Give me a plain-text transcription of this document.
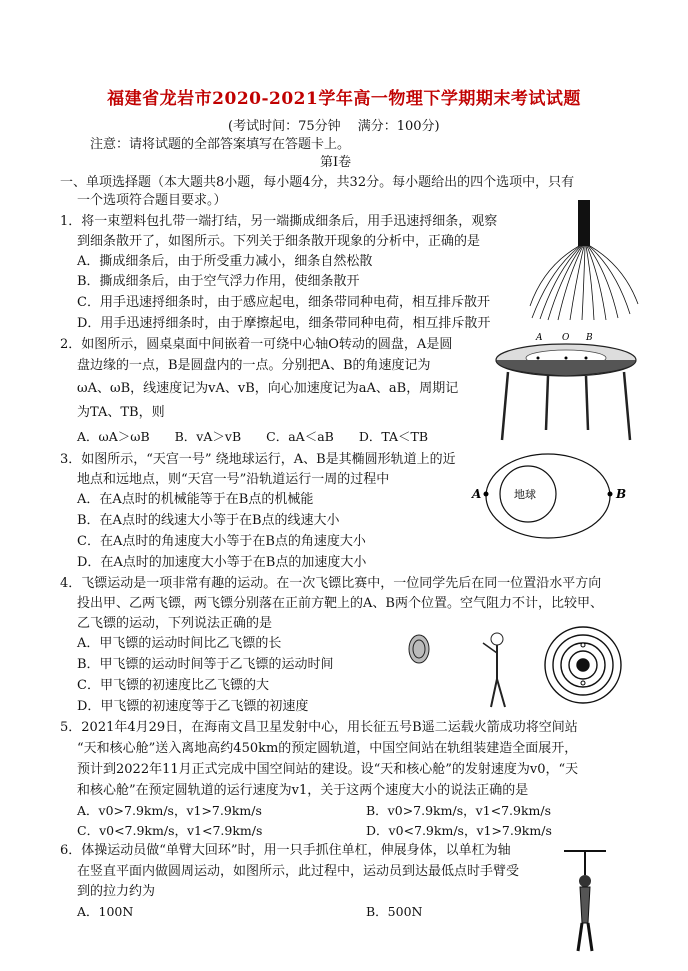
福建省龙岩市2020-2021学年高一物理下学期期末考试试题
(考试时间：75分钟　 满分：100分)
注意：请将试题的全部答案填写在答题卡上。
第Ⅰ卷
一、单项选择题（本大题共8小题，每小题4分，共32分。每小题给出的四个选项中，只有
一个选项符合题目要求。）
1．将一束塑料包扎带一端打结，另一端撕成细条后，用手迅速捋细条，观察
到细条散开了，如图所示。下列关于细条散开现象的分析中，正确的是
A．撕成细条后，由于所受重力减小，细条自然松散
B．撕成细条后，由于空气浮力作用，使细条散开
C．用手迅速捋细条时，由于感应起电，细条带同种电荷，相互排斥散开
D．用手迅速捋细条时，由于摩擦起电，细条带同种电荷，相互排斥散开
2．如图所示，圆桌桌面中间嵌着一可绕中心轴O转动的圆盘，A是圆
盘边缘的一点，B是圆盘内的一点。分别把A、B的角速度记为
ωA、ωB，线速度记为vA、vB，向心加速度记为aA、aB，周期记
为TA、TB，则
A．ωA＞ωB　　B．vA＞vB　　C．aA＜aB　　D．TA＜TB
A O B
3．如图所示，“天宫一号” 绕地球运行，A、B是其椭圆形轨道上的近
地点和远地点，则“天宫一号”沿轨道运行一周的过程中
A．在A点时的机械能等于在B点的机械能
B．在A点时的线速大小等于在B点的线速大小
C．在A点时的角速度大小等于在B点的角速度大小
D．在A点时的加速度大小等于在B点的加速度大小
地球
A	B
4．飞镖运动是一项非常有趣的运动。在一次飞镖比赛中，一位同学先后在同一位置沿水平方向
投出甲、乙两飞镖，两飞镖分别落在正前方靶上的A、B两个位置。空气阻力不计，比较甲、
乙飞镖的运动，下列说法正确的是
A．甲飞镖的运动时间比乙飞镖的长
B．甲飞镖的运动时间等于乙飞镖的运动时间
C．甲飞镖的初速度比乙飞镖的大
D．甲飞镖的初速度等于乙飞镖的初速度
5．2021年4月29日，在海南文昌卫星发射中心，用长征五号B遥二运载火箭成功将空间站
“天和核心舱”送入离地高约450km的预定圆轨道，中国空间站在轨组装建造全面展开，
预计到2022年11月正式完成中国空间站的建设。设“天和核心舱”的发射速度为v0，“天
和核心舱”在预定圆轨道的运行速度为v1，关于这两个速度大小的说法正确的是
A．v0>7.9km/s，v1>7.9km/s	B．v0>7.9km/s，v1<7.9km/s
C．v0<7.9km/s，v1<7.9km/s	D．v0<7.9km/s，v1>7.9km/s
6．体操运动员做“单臂大回环”时，用一只手抓住单杠，伸展身体，以单杠为轴
在竖直平面内做圆周运动，如图所示，此过程中，运动员到达最低点时手臂受
到的拉力约为
A．100N	B．500N
